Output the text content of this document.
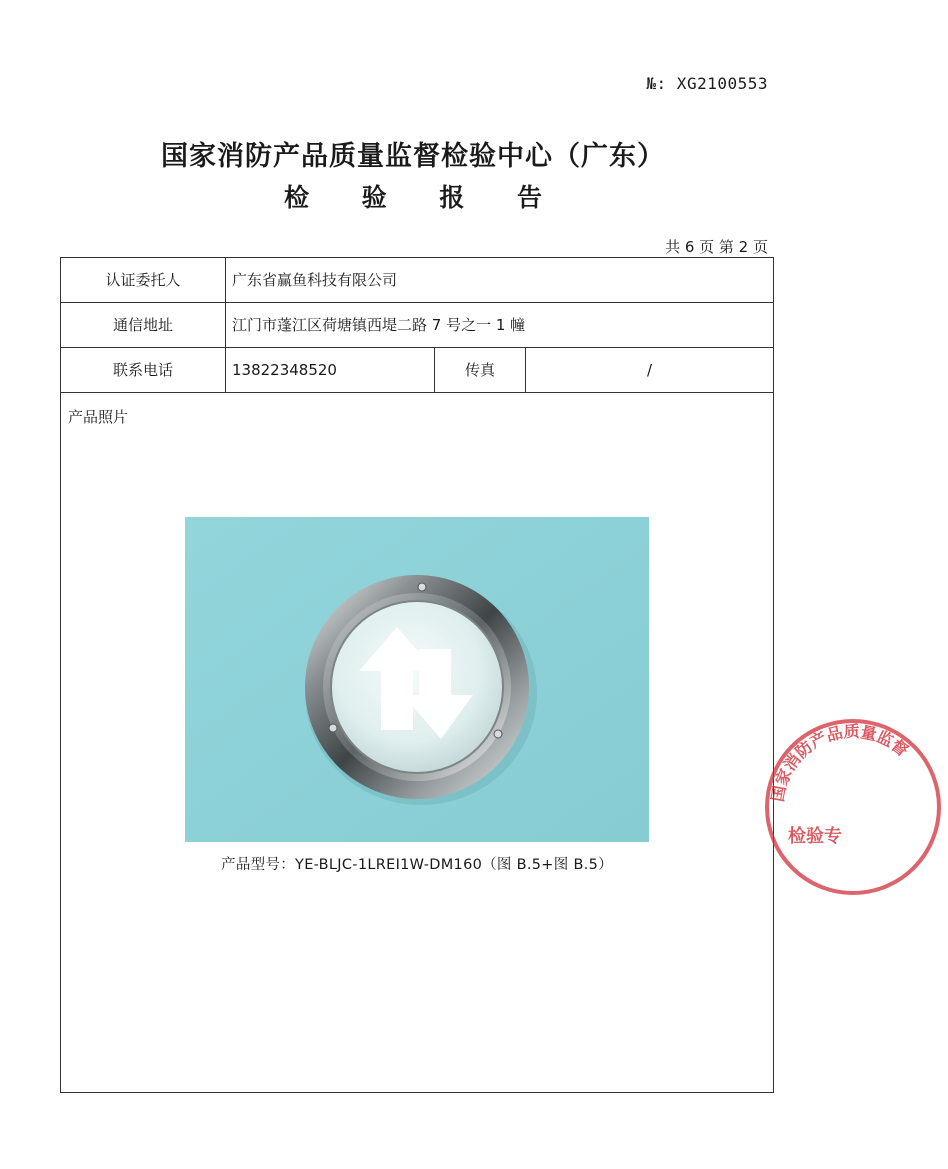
№: XG2100553
国家消防产品质量监督检验中心（广东）
检 验 报 告
共 6 页 第 2 页
认证委托人	广东省赢鱼科技有限公司
通信地址	江门市蓬江区荷塘镇西堤二路 7 号之一 1 幢
联系电话	13822348520	传真	/
产品照片
产品型号：YE-BLJC-1LREⅠ1W-DM160（图 B.5+图 B.5）
国家消防产品质量监督
检验专
